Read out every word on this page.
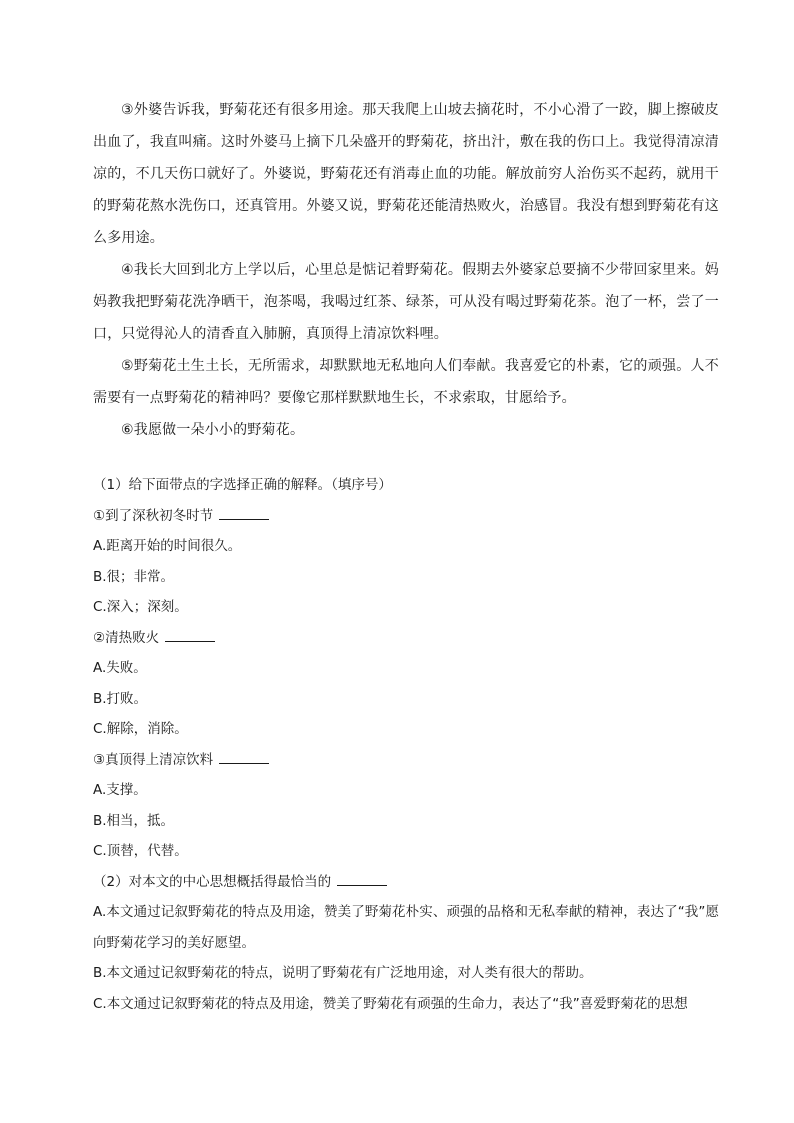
③外婆告诉我，野菊花还有很多用途。那天我爬上山坡去摘花时，不小心滑了一跤，脚上擦破皮出血了，我直叫痛。这时外婆马上摘下几朵盛开的野菊花，挤出汁，敷在我的伤口上。我觉得清凉清凉的，不几天伤口就好了。外婆说，野菊花还有消毒止血的功能。解放前穷人治伤买不起药，就用干的野菊花熬水洗伤口，还真管用。外婆又说，野菊花还能清热败火，治感冒。我没有想到野菊花有这么多用途。

④我长大回到北方上学以后，心里总是惦记着野菊花。假期去外婆家总要摘不少带回家里来。妈妈教我把野菊花洗净晒干，泡茶喝，我喝过红茶、绿茶，可从没有喝过野菊花茶。泡了一杯，尝了一口，只觉得沁人的清香直入肺腑，真顶得上清凉饮料哩。

⑤野菊花土生土长，无所需求，却默默地无私地向人们奉献。我喜爱它的朴素，它的顽强。人不需要有一点野菊花的精神吗？要像它那样默默地生长，不求索取，甘愿给予。

⑥我愿做一朵小小的野菊花。

（1）给下面带点的字选择正确的解释。（填序号）

①到了深秋初冬时节

A.距离开始的时间很久。

B.很；非常。

C.深入；深刻。

②清热败火

A.失败。

B.打败。

C.解除，消除。

③真顶得上清凉饮料

A.支撑。

B.相当，抵。

C.顶替，代替。

（2）对本文的中心思想概括得最恰当的

A.本文通过记叙野菊花的特点及用途，赞美了野菊花朴实、顽强的品格和无私奉献的精神，表达了“我”愿向野菊花学习的美好愿望。

B.本文通过记叙野菊花的特点，说明了野菊花有广泛地用途，对人类有很大的帮助。

C.本文通过记叙野菊花的特点及用途，赞美了野菊花有顽强的生命力，表达了“我”喜爱野菊花的思想
